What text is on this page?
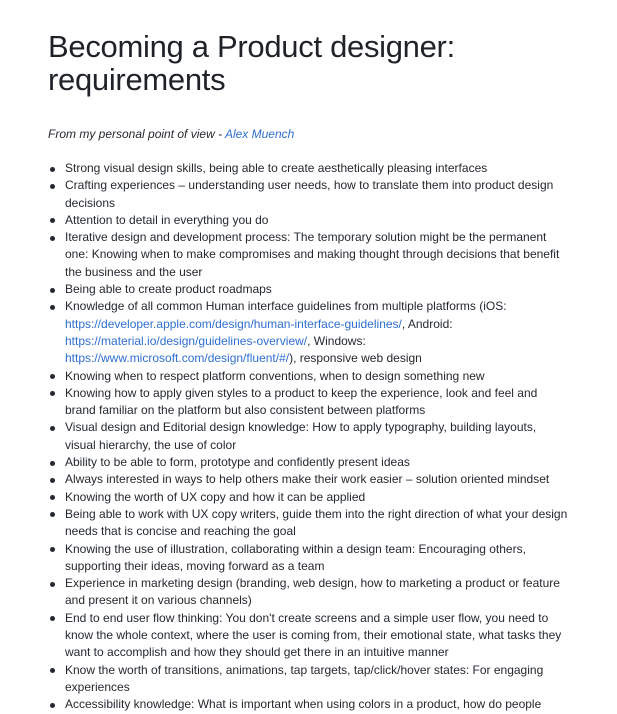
Becoming a Product designer: requirements

From my personal point of view - Alex Muench

Strong visual design skills, being able to create aesthetically pleasing interfaces
Crafting experiences – understanding user needs, how to translate them into product design decisions
Attention to detail in everything you do
Iterative design and development process: The temporary solution might be the permanent one: Knowing when to make compromises and making thought through decisions that benefit the business and the user
Being able to create product roadmaps
Knowledge of all common Human interface guidelines from multiple platforms (iOS: https://developer.apple.com/design/human-interface-guidelines/, Android: https://material.io/design/guidelines-overview/, Windows: https://www.microsoft.com/design/fluent/#/), responsive web design
Knowing when to respect platform conventions, when to design something new
Knowing how to apply given styles to a product to keep the experience, look and feel and brand familiar on the platform but also consistent between platforms
Visual design and Editorial design knowledge: How to apply typography, building layouts, visual hierarchy, the use of color
Ability to be able to form, prototype and confidently present ideas
Always interested in ways to help others make their work easier – solution oriented mindset
Knowing the worth of UX copy and how it can be applied
Being able to work with UX copy writers, guide them into the right direction of what your design needs that is concise and reaching the goal
Knowing the use of illustration, collaborating within a design team: Encouraging others, supporting their ideas, moving forward as a team
Experience in marketing design (branding, web design, how to marketing a product or feature and present it on various channels)
End to end user flow thinking: You don't create screens and a simple user flow, you need to know the whole context, where the user is coming from, their emotional state, what tasks they want to accomplish and how they should get there in an intuitive manner
Know the worth of transitions, animations, tap targets, tap/click/hover states: For engaging experiences
Accessibility knowledge: What is important when using colors in a product, how do people
